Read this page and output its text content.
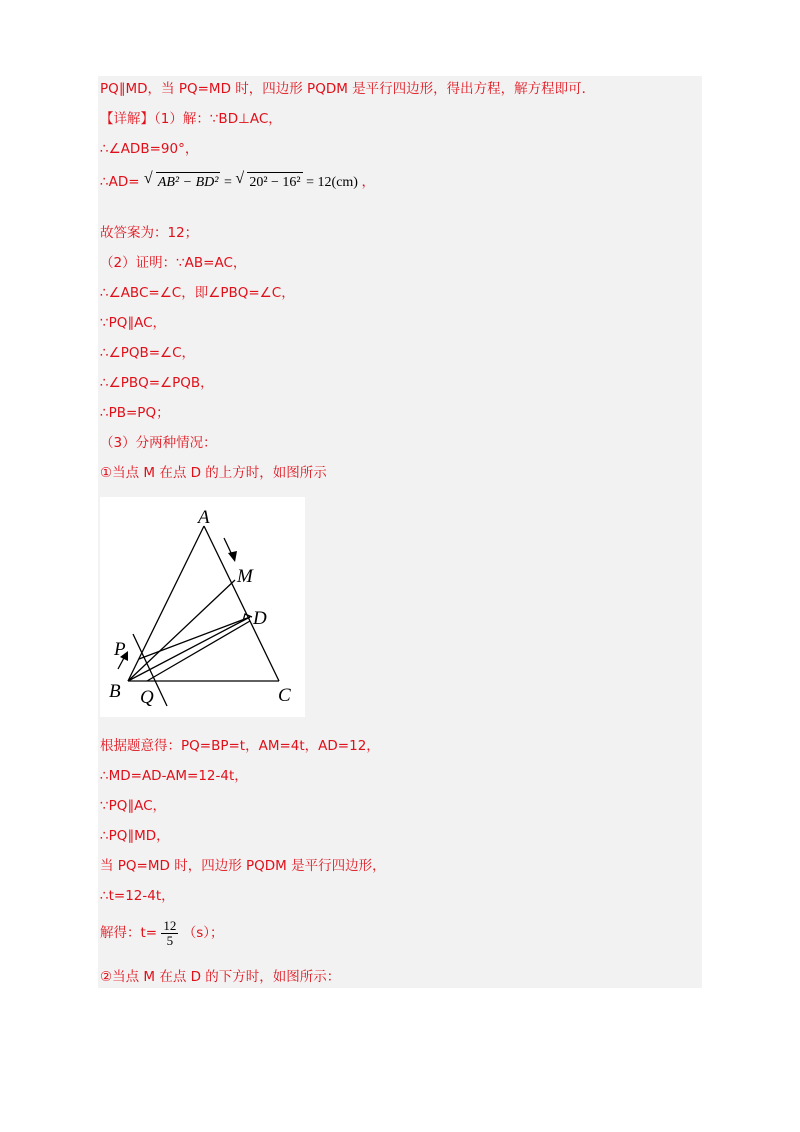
PQ∥MD，当 PQ=MD 时，四边形 PQDM 是平行四边形，得出方程，解方程即可．
【详解】（1）解：∵BD⊥AC，
∴∠ADB=90°，
∴AD= √ AB² − BD² = √ 20² − 16² = 12(cm) ，
故答案为：12；
（2）证明：∵AB=AC，
∴∠ABC=∠C，即∠PBQ=∠C，
∵PQ∥AC，
∴∠PQB=∠C，
∴∠PBQ=∠PQB，
∴PB=PQ；
（3）分两种情况：
①当点 M 在点 D 的上方时，如图所示
A
M
D
P
B Q	C
根据题意得：PQ=BP=t，AM=4t，AD=12，
∴MD=AD-AM=12-4t，
∵PQ∥AC，
∴PQ∥MD，
当 PQ=MD 时，四边形 PQDM 是平行四边形，
∴t=12-4t，
解得：$t= \frac{12}{5} (s)$；
②当点 M 在点 D 的下方时，如图所示：
